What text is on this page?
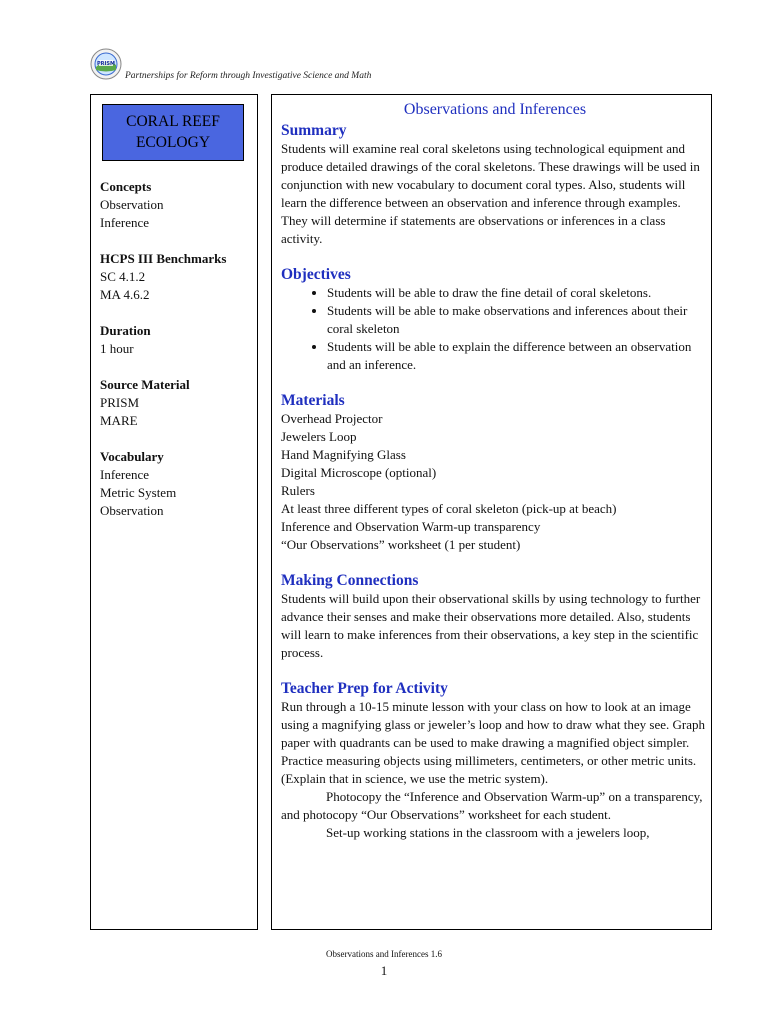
PRISM
Partnerships for Reform through Investigative Science and Math
CORAL REEF
ECOLOGY
Concepts
Observation
Inference
HCPS III Benchmarks
SC 4.1.2
MA 4.6.2
Duration
1 hour
Source Material
PRISM
MARE
Vocabulary
Inference
Metric System
Observation
Observations and Inferences
Summary

Students will examine real coral skeletons using technological equipment and produce detailed drawings of the coral skeletons. These drawings will be used in conjunction with new vocabulary to document coral types. Also, students will learn the difference between an observation and inference through examples. They will determine if statements are observations or inferences in a class activity.

Objectives
• Students will be able to draw the fine detail of coral skeletons.
• Students will be able to make observations and inferences about their coral skeleton
• Students will be able to explain the difference between an observation and an inference.
Materials
Overhead Projector
Jewelers Loop
Hand Magnifying Glass
Digital Microscope (optional)
Rulers
At least three different types of coral skeleton (pick-up at beach)
Inference and Observation Warm-up transparency
“Our Observations” worksheet (1 per student)
Making Connections

Students will build upon their observational skills by using technology to further advance their senses and make their observations more detailed. Also, students will learn to make inferences from their observations, a key step in the scientific process.

Teacher Prep for Activity

Run through a 10-15 minute lesson with your class on how to look at an image using a magnifying glass or jeweler’s loop and how to draw what they see. Graph paper with quadrants can be used to make drawing a magnified object simpler. Practice measuring objects using millimeters, centimeters, or other metric units. (Explain that in science, we use the metric system).

Photocopy the “Inference and Observation Warm-up” on a transparency, and photocopy “Our Observations” worksheet for each student.

Set-up working stations in the classroom with a jewelers loop,

Observations and Inferences 1.6
1
